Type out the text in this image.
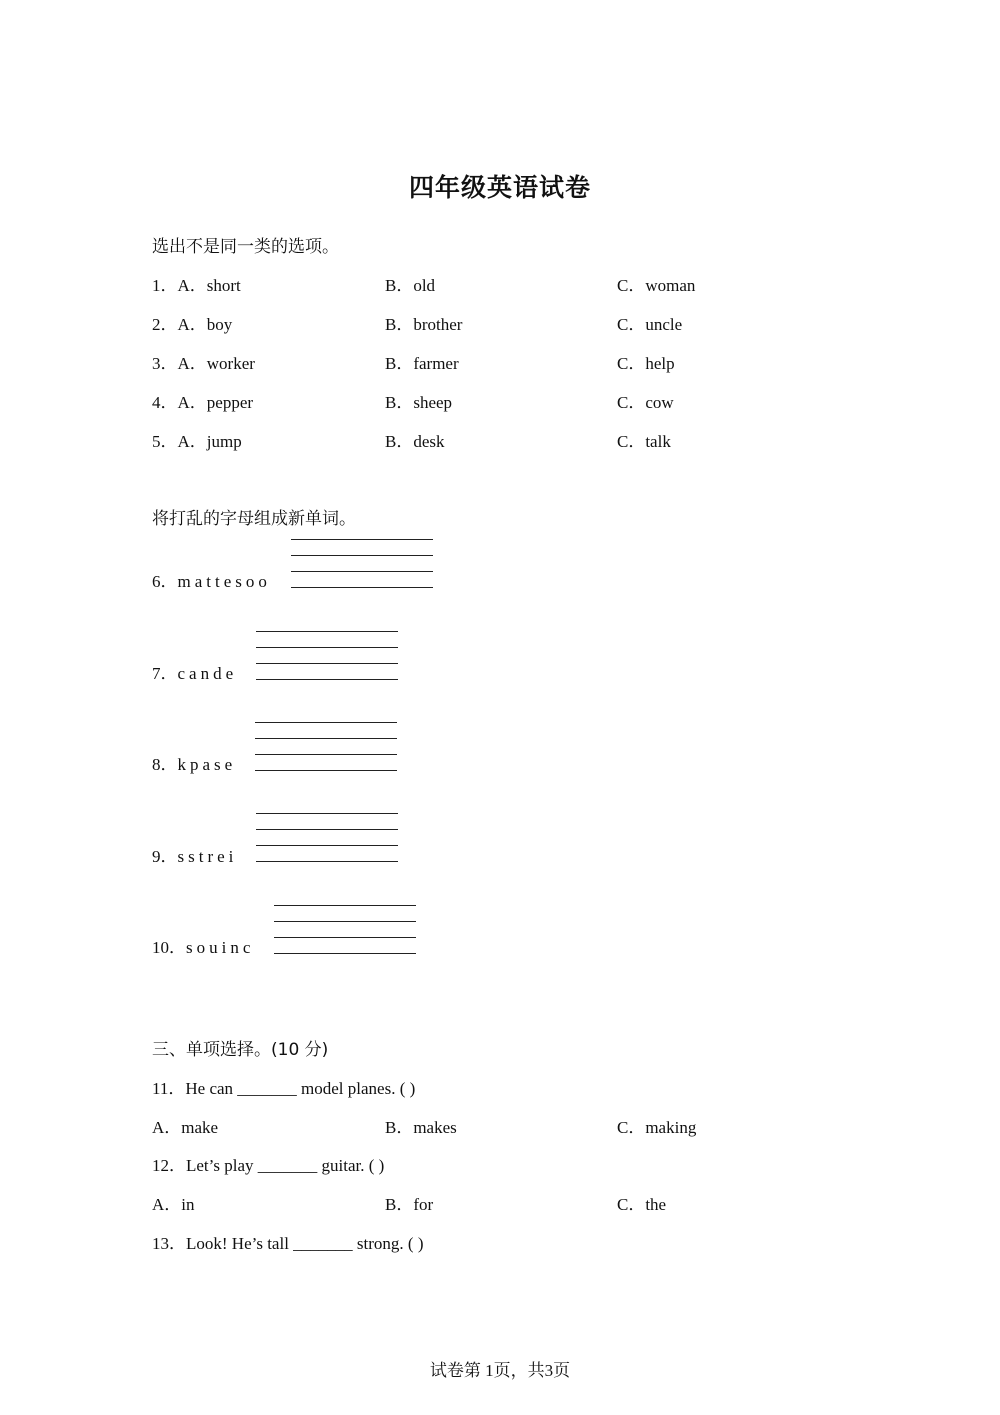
四年级英语试卷
选出不是同一类的选项。
1．A．short	B．old	C．woman
2．A．boy	B．brother	C．uncle
3．A．worker	B．farmer	C．help
4．A．pepper	B．sheep	C．cow
5．A．jump	B．desk	C．talk
将打乱的字母组成新单词。
6．mattesoo
7．cande
8．kpase
9．sstrei
10．souinc
三、单项选择。(10 分)
11．He can _______ model planes. ( )
A．make	B．makes	C．making
12．Let’s play _______ guitar. ( )
A．in	B．for	C．the
13．Look! He’s tall _______ strong. ( )
试卷第 1页，共3页
